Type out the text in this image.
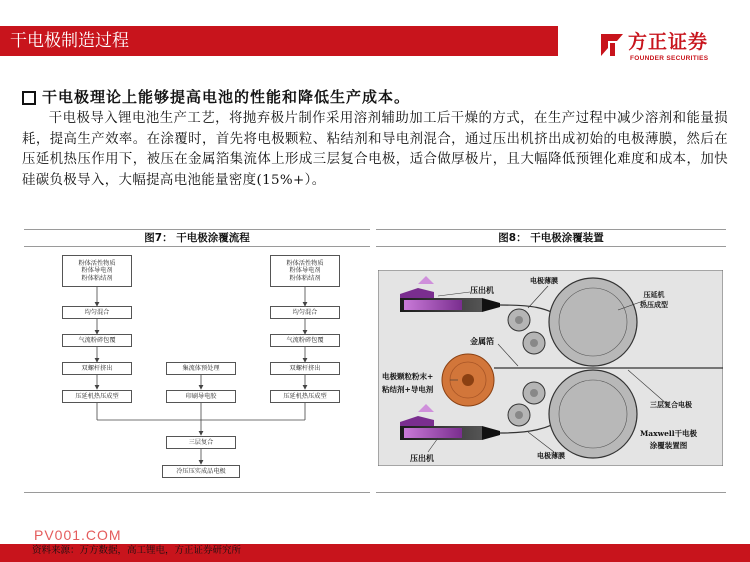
干电极制造过程	方正证券
FOUNDER SECURITIES
干电极理论上能够提高电池的性能和降低生产成本。
干电极导入锂电池生产工艺，将抛弃极片制作采用溶剂辅助加工后干燥的方式，在生产过程中减少溶剂和能量损耗，提高生产效率。在涂覆时，首先将电极颗粒、粘结剂和导电剂混合，通过压出机挤出成初始的电极薄膜，然后在压延机热压作用下，被压在金属箔集流体上形成三层复合电极，适合做厚极片，且大幅降低预锂化难度和成本，加快硅碳负极导入，大幅提高电池能量密度(15%+）。
图7： 干电极涂覆流程
粉体活性物质
粉体导电剂
粉体粘结剂
均匀混合
气流粉碎包覆
双螺杆挤出
压延机热压成型
集流体预处理
印刷导电胶
粉体活性物质
粉体导电剂
粉体粘结剂
均匀混合
气流粉碎包覆
双螺杆挤出
压延机热压成型
三层复合
冷压压实成品电极
图8： 干电极涂覆装置
压出机
电极薄膜
压延机
热压成型
金属箔
电极颗粒粉末+
粘结剂+导电剂
三层复合电极
Maxwell干电极
涂覆装置图
电极薄膜
压出机
PV001.COM
资料来源：万方数据，高工锂电，方正证券研究所
